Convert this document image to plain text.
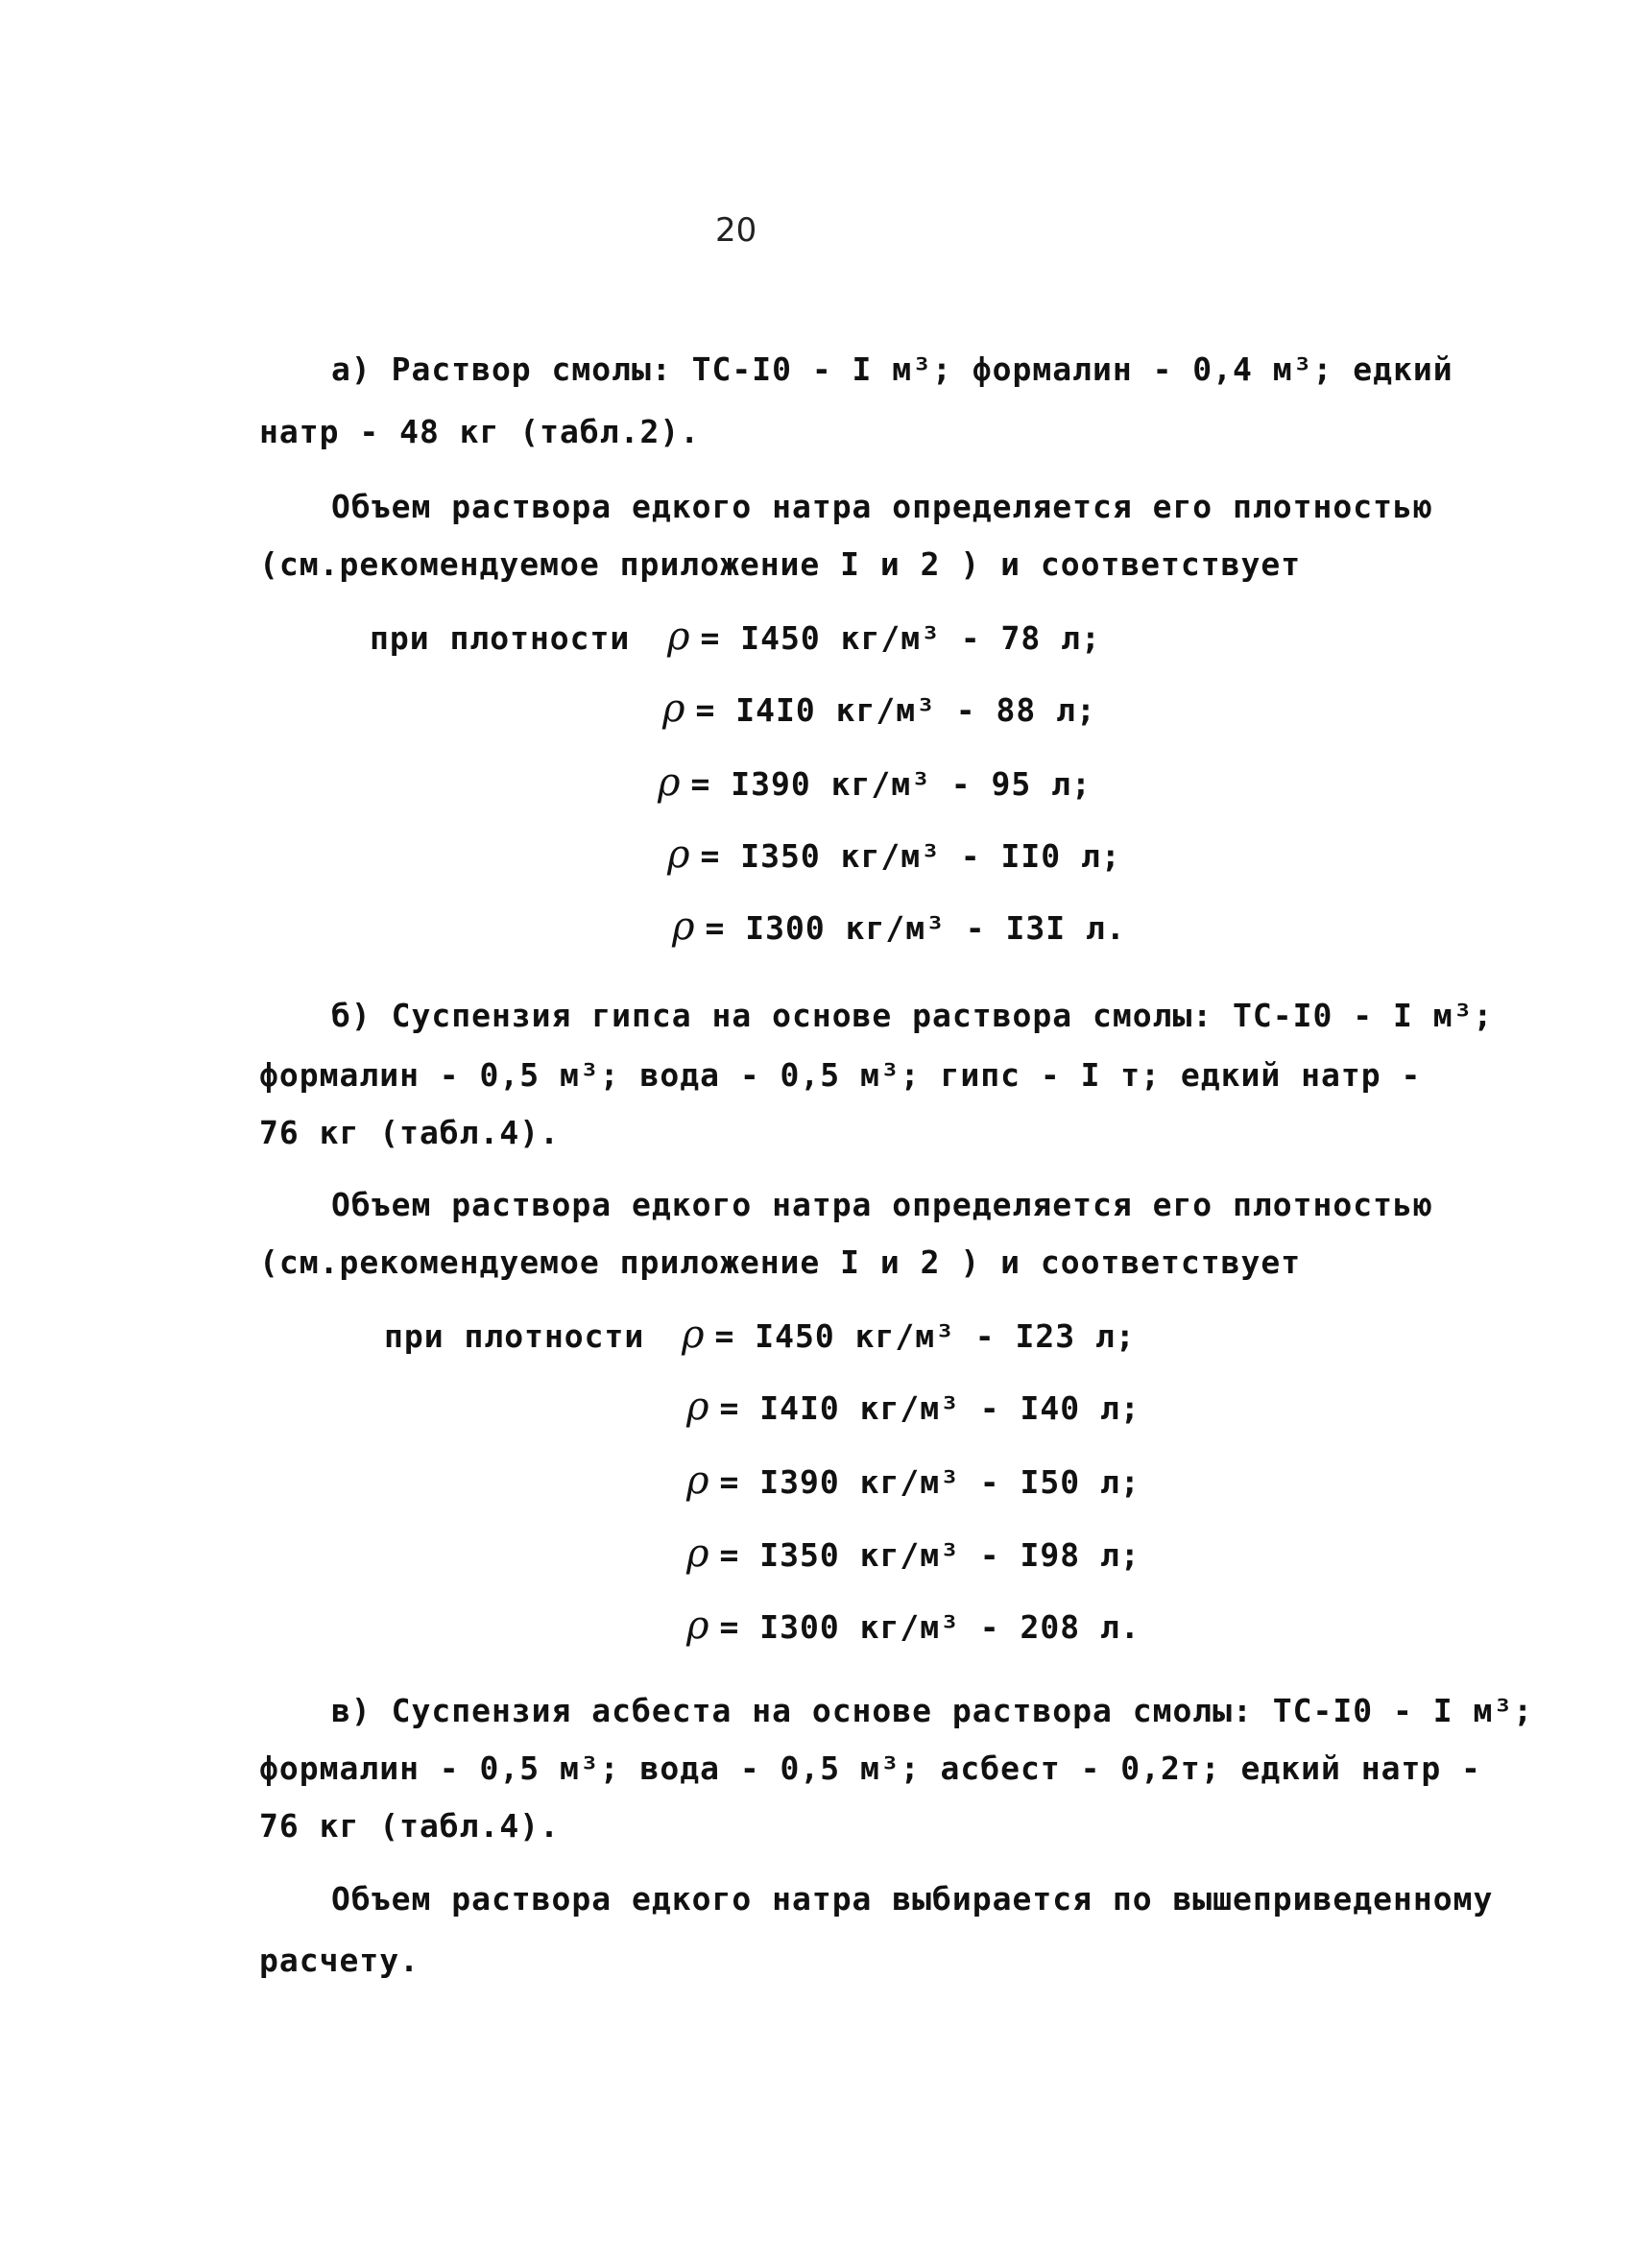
20
а) Раствор смолы: ТС-I0 - I м³; формалин - 0,4 м³; едкий
натр - 48 кг (табл.2).
Объем раствора едкого натра определяется его плотностью
(см.рекомендуемое приложение I и 2 ) и соответствует
при плотности ρ = I450 кг/м³ - 78 л;
ρ = I4I0 кг/м³ - 88 л;
ρ = I390 кг/м³ - 95 л;
ρ = I350 кг/м³ - II0 л;
ρ = I300 кг/м³ - I3I л.
б) Суспензия гипса на основе раствора смолы: ТС-I0 - I м³;
формалин - 0,5 м³; вода - 0,5 м³; гипс - I т; едкий натр -
76 кг (табл.4).
Объем раствора едкого натра определяется его плотностью
(см.рекомендуемое приложение I и 2 ) и соответствует
при плотности ρ = I450 кг/м³ - I23 л;
ρ = I4I0 кг/м³ - I40 л;
ρ = I390 кг/м³ - I50 л;
ρ = I350 кг/м³ - I98 л;
ρ = I300 кг/м³ - 208 л.
в) Суспензия асбеста на основе раствора смолы: ТС-I0 - I м³;
формалин - 0,5 м³; вода - 0,5 м³; асбест - 0,2т; едкий натр -
76 кг (табл.4).
Объем раствора едкого натра выбирается по вышеприведенному
расчету.
